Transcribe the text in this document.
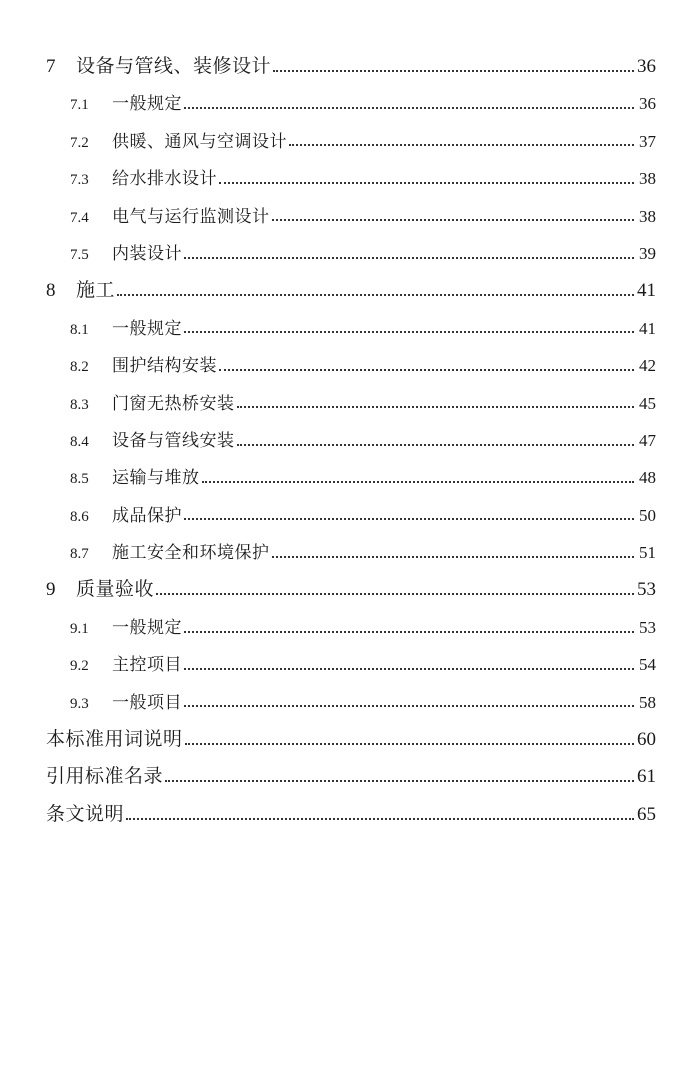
7	设备与管线、装修设计	36
7.1	一般规定	36
7.2	供暖、通风与空调设计	37
7.3	给水排水设计	38
7.4	电气与运行监测设计	38
7.5	内装设计	39
8	施工	41
8.1	一般规定	41
8.2	围护结构安装	42
8.3	门窗无热桥安装	45
8.4	设备与管线安装	47
8.5	运输与堆放	48
8.6	成品保护	50
8.7	施工安全和环境保护	51
9	质量验收	53
9.1	一般规定	53
9.2	主控项目	54
9.3	一般项目	58
本标准用词说明	60
引用标准名录	61
条文说明	65
